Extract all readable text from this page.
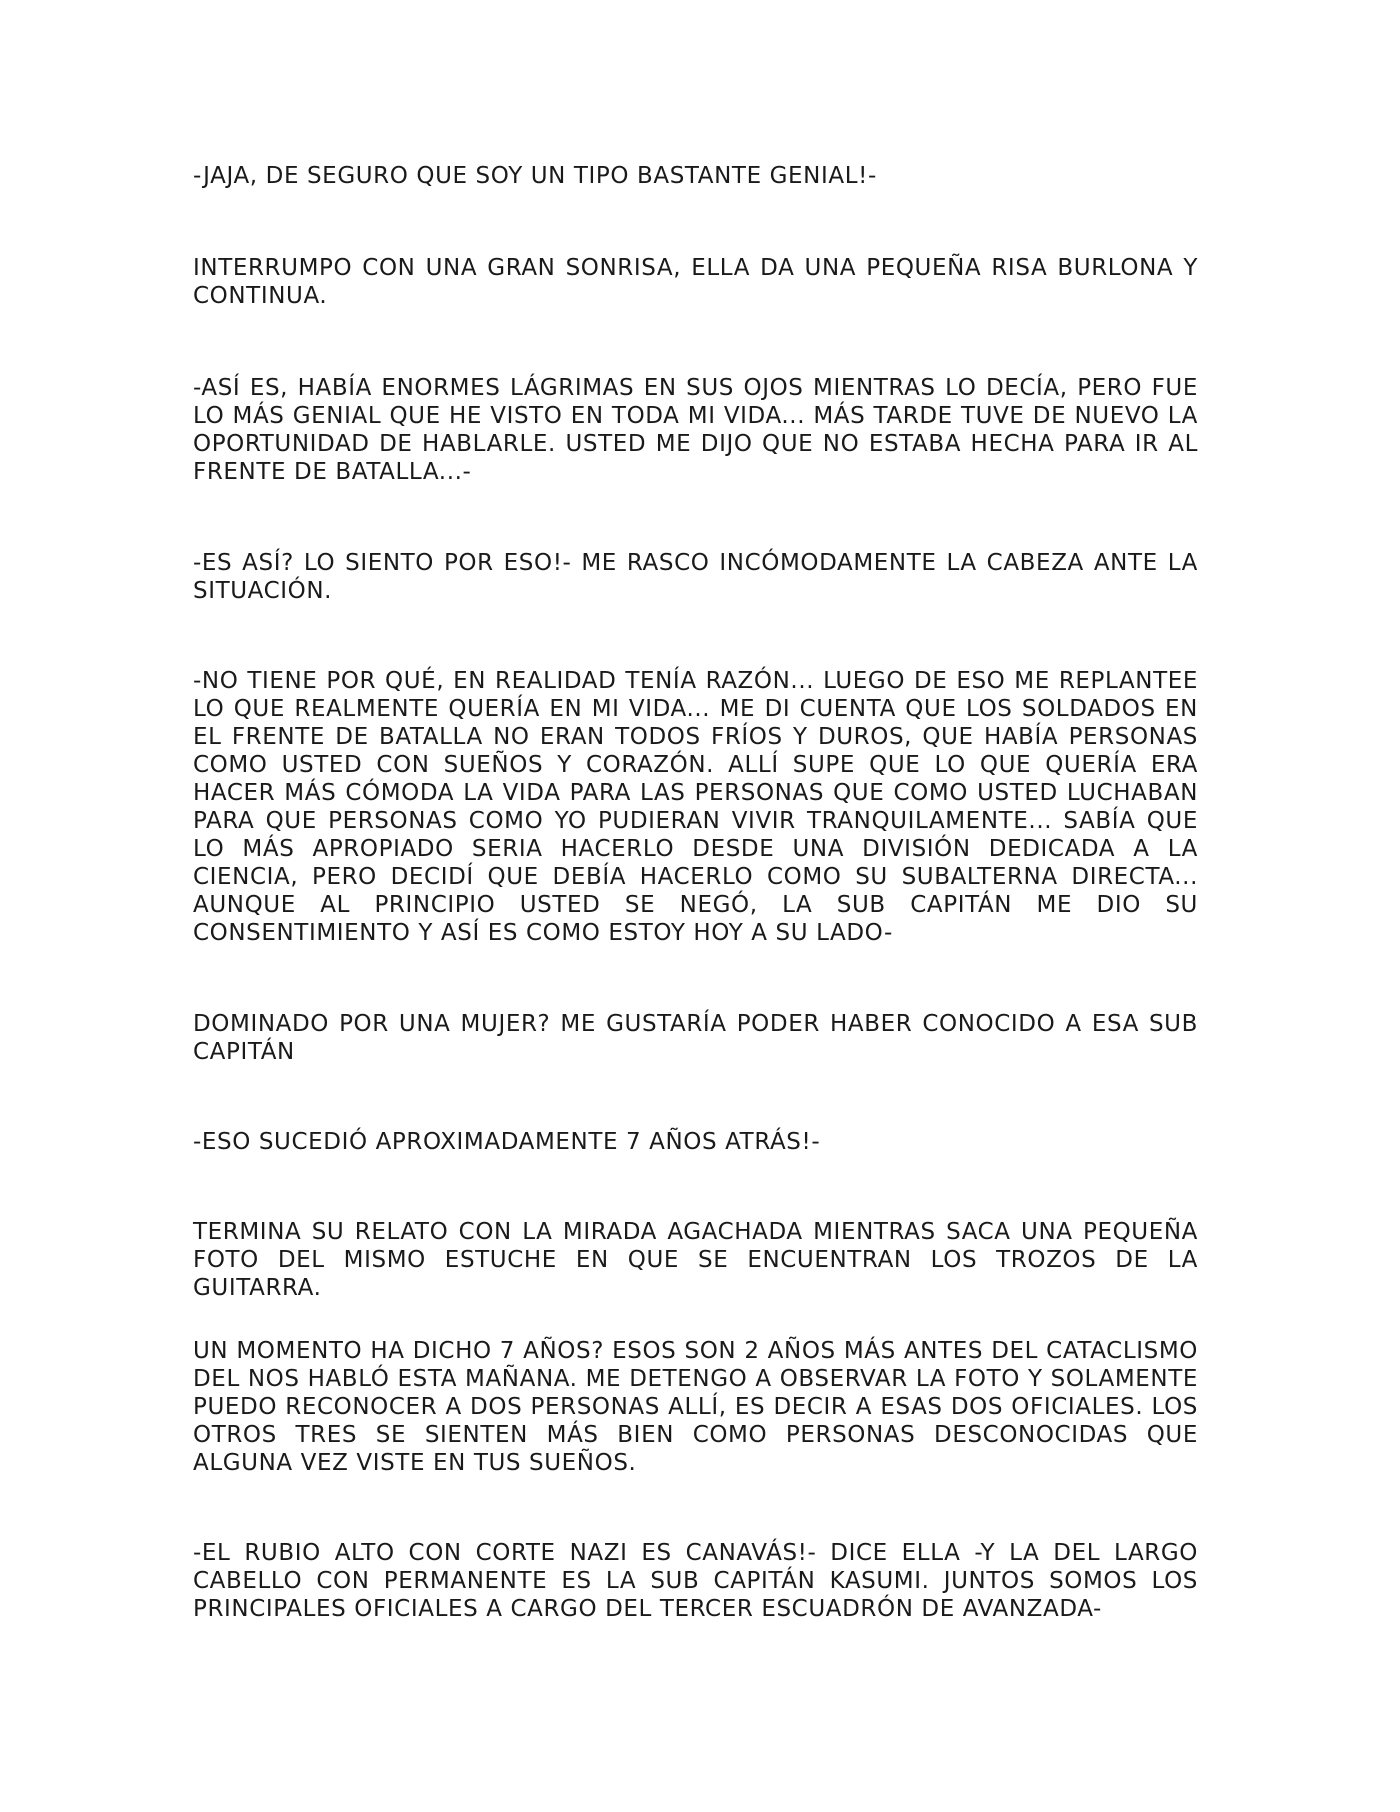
-JAJA, DE SEGURO QUE SOY UN TIPO BASTANTE GENIAL!-

INTERRUMPO CON UNA GRAN SONRISA, ELLA DA UNA PEQUEÑA RISA BURLONA Y CONTINUA.

-ASÍ ES, HABÍA ENORMES LÁGRIMAS EN SUS OJOS MIENTRAS LO DECÍA, PERO FUE LO MÁS GENIAL QUE HE VISTO EN TODA MI VIDA... MÁS TARDE TUVE DE NUEVO LA OPORTUNIDAD DE HABLARLE. USTED ME DIJO QUE NO ESTABA HECHA PARA IR AL FRENTE DE BATALLA...-

-ES ASÍ? LO SIENTO POR ESO!- ME RASCO INCÓMODAMENTE LA CABEZA ANTE LA SITUACIÓN.

-NO TIENE POR QUÉ, EN REALIDAD TENÍA RAZÓN... LUEGO DE ESO ME REPLANTEE LO QUE REALMENTE QUERÍA EN MI VIDA... ME DI CUENTA QUE LOS SOLDADOS EN EL FRENTE DE BATALLA NO ERAN TODOS FRÍOS Y DUROS, QUE HABÍA PERSONAS COMO USTED CON SUEÑOS Y CORAZÓN. ALLÍ SUPE QUE LO QUE QUERÍA ERA HACER MÁS CÓMODA LA VIDA PARA LAS PERSONAS QUE COMO USTED LUCHABAN PARA QUE PERSONAS COMO YO PUDIERAN VIVIR TRANQUILAMENTE... SABÍA QUE LO MÁS APROPIADO SERIA HACERLO DESDE UNA DIVISIÓN DEDICADA A LA CIENCIA, PERO DECIDÍ QUE DEBÍA HACERLO COMO SU SUBALTERNA DIRECTA... AUNQUE AL PRINCIPIO USTED SE NEGÓ, LA SUB CAPITÁN ME DIO SU CONSENTIMIENTO Y ASÍ ES COMO ESTOY HOY A SU LADO-

DOMINADO POR UNA MUJER? ME GUSTARÍA PODER HABER CONOCIDO A ESA SUB CAPITÁN

-ESO SUCEDIÓ APROXIMADAMENTE 7 AÑOS ATRÁS!-

TERMINA SU RELATO CON LA MIRADA AGACHADA MIENTRAS SACA UNA PEQUEÑA FOTO DEL MISMO ESTUCHE EN QUE SE ENCUENTRAN LOS TROZOS DE LA GUITARRA.

UN MOMENTO HA DICHO 7 AÑOS? ESOS SON 2 AÑOS MÁS ANTES DEL CATACLISMO DEL NOS HABLÓ ESTA MAÑANA. ME DETENGO A OBSERVAR LA FOTO Y SOLAMENTE PUEDO RECONOCER A DOS PERSONAS ALLÍ, ES DECIR A ESAS DOS OFICIALES. LOS OTROS TRES SE SIENTEN MÁS BIEN COMO PERSONAS DESCONOCIDAS QUE ALGUNA VEZ VISTE EN TUS SUEÑOS.

-EL RUBIO ALTO CON CORTE NAZI ES CANAVÁS!- DICE ELLA -Y LA DEL LARGO CABELLO CON PERMANENTE ES LA SUB CAPITÁN KASUMI. JUNTOS SOMOS LOS PRINCIPALES OFICIALES A CARGO DEL TERCER ESCUADRÓN DE AVANZADA-
